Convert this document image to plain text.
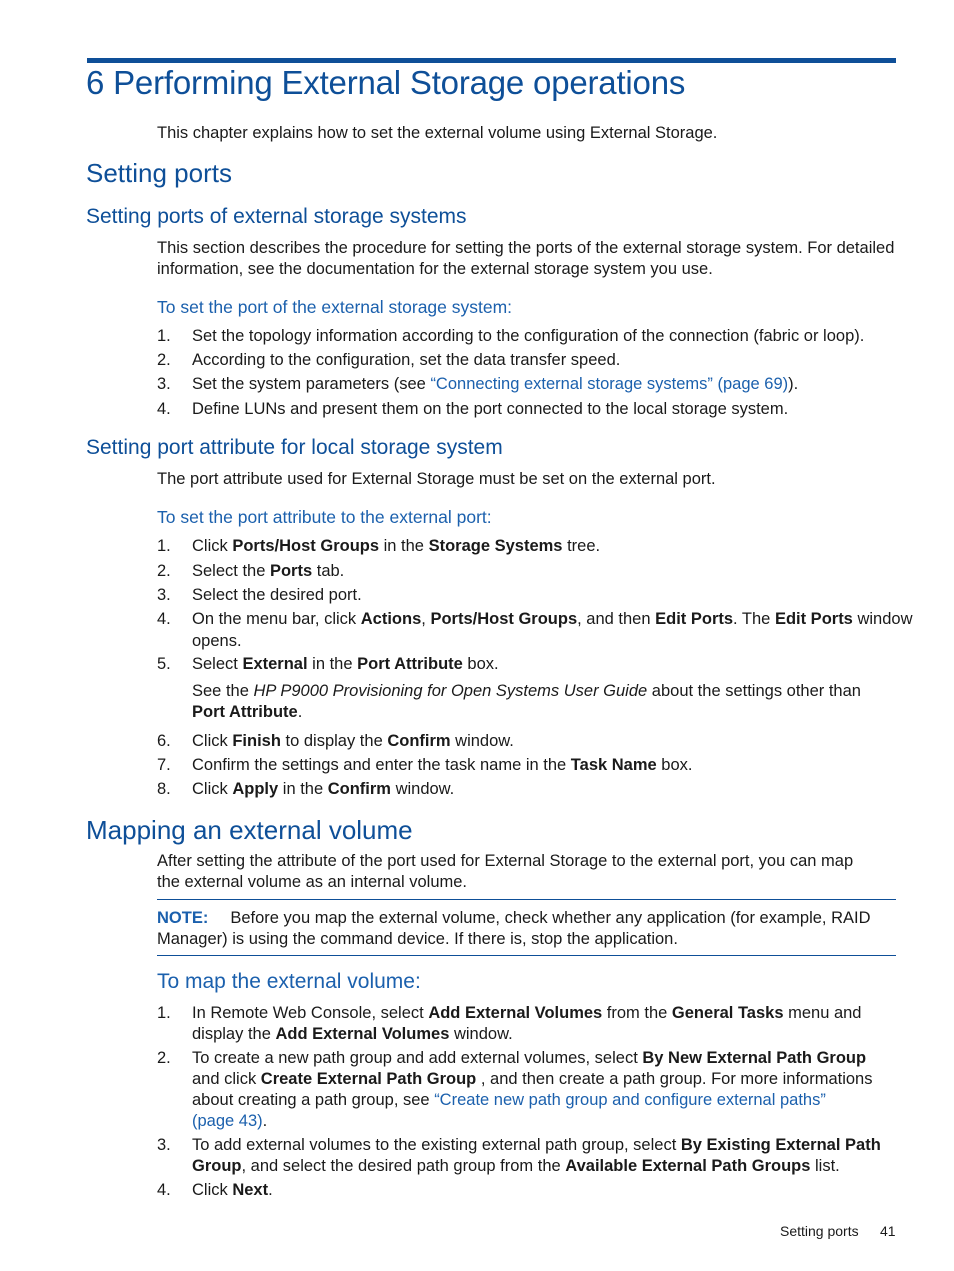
6 Performing External Storage operations
This chapter explains how to set the external volume using External Storage.
Setting ports
Setting ports of external storage systems
This section describes the procedure for setting the ports of the external storage system. For detailed
information, see the documentation for the external storage system you use.
To set the port of the external storage system:
1. Set the topology information according to the configuration of the connection (fabric or loop).
2. According to the configuration, set the data transfer speed.
3. Set the system parameters (see “Connecting external storage systems” (page 69)).
4. Define LUNs and present them on the port connected to the local storage system.
Setting port attribute for local storage system
The port attribute used for External Storage must be set on the external port.
To set the port attribute to the external port:
1. Click Ports/Host Groups in the Storage Systems tree.
2. Select the Ports tab.
3. Select the desired port.
4. On the menu bar, click Actions, Ports/Host Groups, and then Edit Ports. The Edit Ports window
opens.
5. Select External in the Port Attribute box.
See the HP P9000 Provisioning for Open Systems User Guide about the settings other than
Port Attribute.
6. Click Finish to display the Confirm window.
7. Confirm the settings and enter the task name in the Task Name box.
8. Click Apply in the Confirm window.
Mapping an external volume
After setting the attribute of the port used for External Storage to the external port, you can map
the external volume as an internal volume.
NOTE: Before you map the external volume, check whether any application (for example, RAID
Manager) is using the command device. If there is, stop the application.
To map the external volume:
1. In Remote Web Console, select Add External Volumes from the General Tasks menu and
display the Add External Volumes window.
2. To create a new path group and add external volumes, select By New External Path Group
and click Create External Path Group , and then create a path group. For more informations
about creating a path group, see “Create new path group and configure external paths”
(page 43).
3. To add external volumes to the existing external path group, select By Existing External Path
Group, and select the desired path group from the Available External Path Groups list.
4. Click Next.
Setting ports 41
